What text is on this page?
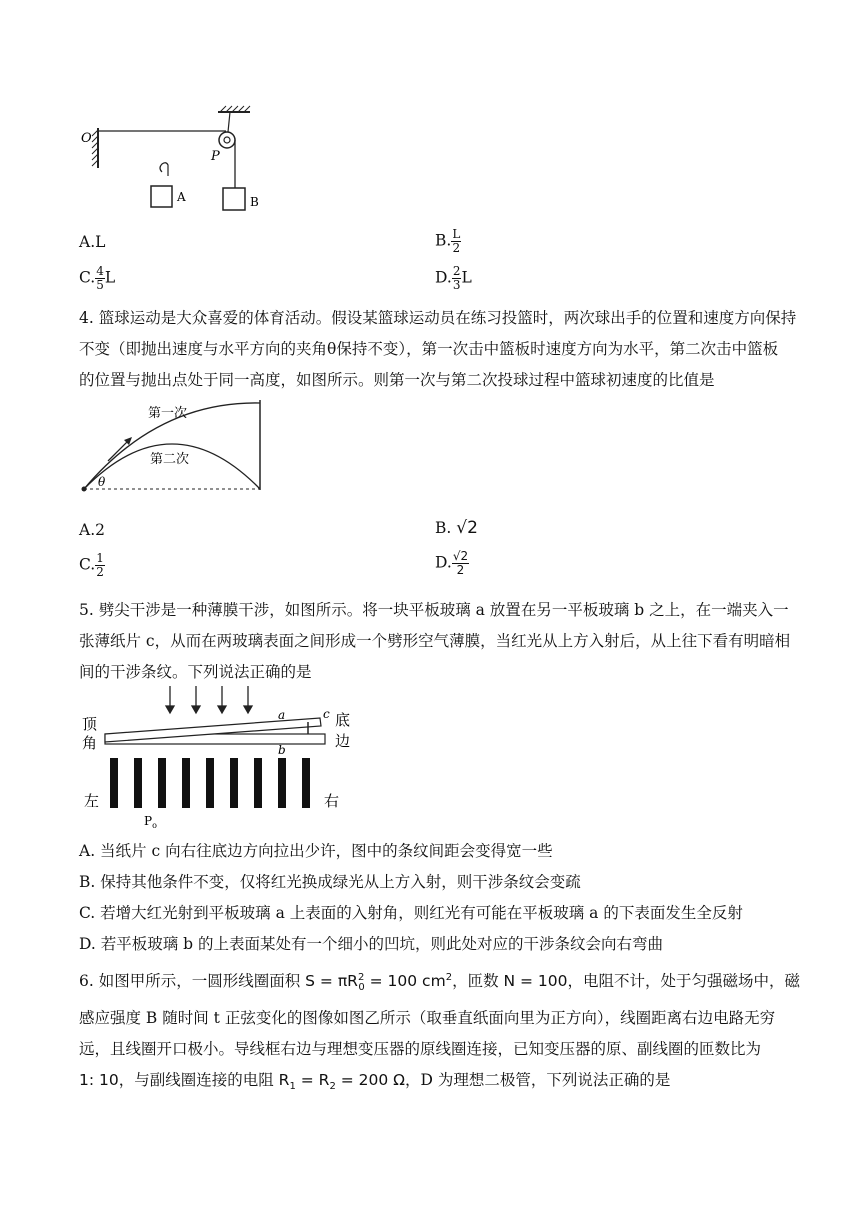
O
P
A	B
A.L	B. $\frac{L}{2}$
C. $\frac{4}{5}$ L	D. $\frac{2}{3}$ L
4. 篮球运动是大众喜爱的体育活动。假设某篮球运动员在练习投篮时，两次球出手的位置和速度方向保持
不变（即抛出速度与水平方向的夹角θ保持不变），第一次击中篮板时速度方向为水平，第二次击中篮板
的位置与抛出点处于同一高度，如图所示。则第一次与第二次投球过程中篮球初速度的比值是
第一次
第二次
θ
A.2	B. √2
C. $\frac{1}{2}$	D. $\frac{√2}{2}$
5. 劈尖干涉是一种薄膜干涉，如图所示。将一块平板玻璃 a 放置在另一平板玻璃 b 之上，在一端夹入一
张薄纸片 c，从而在两玻璃表面之间形成一个劈形空气薄膜，当红光从上方入射后，从上往下看有明暗相
间的干涉条纹。下列说法正确的是
顶
角
底
边
a
b
c
左	右
$P_o$
A. 当纸片 c 向右往底边方向拉出少许，图中的条纹间距会变得宽一些
B. 保持其他条件不变，仅将红光换成绿光从上方入射，则干涉条纹会变疏
C. 若增大红光射到平板玻璃 a 上表面的入射角，则红光有可能在平板玻璃 a 的下表面发生全反射
D. 若平板玻璃 b 的上表面某处有一个细小的凹坑，则此处对应的干涉条纹会向右弯曲
6. 如图甲所示，一圆形线圈面积 $S = \pi R^2_0 = 100$ $cm^2$，匝数 N = 100，电阻不计，处于匀强磁场中，磁
感应强度 B 随时间 t 正弦变化的图像如图乙所示（取垂直纸面向里为正方向），线圈距离右边电路无穷
远，且线圈开口极小。导线框右边与理想变压器的原线圈连接，已知变压器的原、副线圈的匝数比为
1: 10，与副线圈连接的电阻 $R_1 = R_2 = 200$ Ω，D 为理想二极管，下列说法正确的是
